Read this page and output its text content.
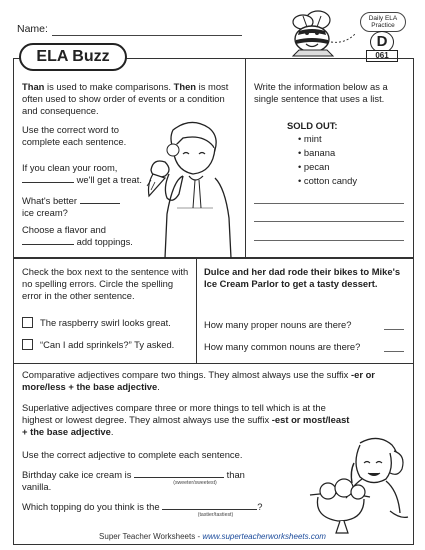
Name:
Daily ELA Practice
D
061
ELA Buzz
Than is used to make comparisons. Then is most often used to show order of events or a condition and consequence.
Use the correct word to complete each sentence.
If you clean your room,
we'll get a treat.
What's better
ice cream?
Choose a flavor and
add toppings.
Write the information below as a single sentence that uses a list.
SOLD OUT:
• mint
• banana
• pecan
• cotton candy
Check the box next to the sentence with no spelling errors. Circle the spelling error in the other sentence.
The raspberry swirl looks great.
“Can I add sprinkels?” Ty asked.
Dulce and her dad rode their bikes to Mike's Ice Cream Parlor to get a tasty dessert.
How many proper nouns are there?
How many common nouns are there?
Comparative adjectives compare two things. They almost always use the suffix -er or more/less + the base adjective.
Superlative adjectives compare three or more things to tell which is at the highest or lowest degree. They almost always use the suffix -est or most/least + the base adjective.
Use the correct adjective to complete each sentence.
Birthday cake ice cream is	than vanilla.	(sweeter/sweetest)
Which topping do you think is the	?
(tastier/tastiest)
Super Teacher Worksheets - www.superteacherworksheets.com
